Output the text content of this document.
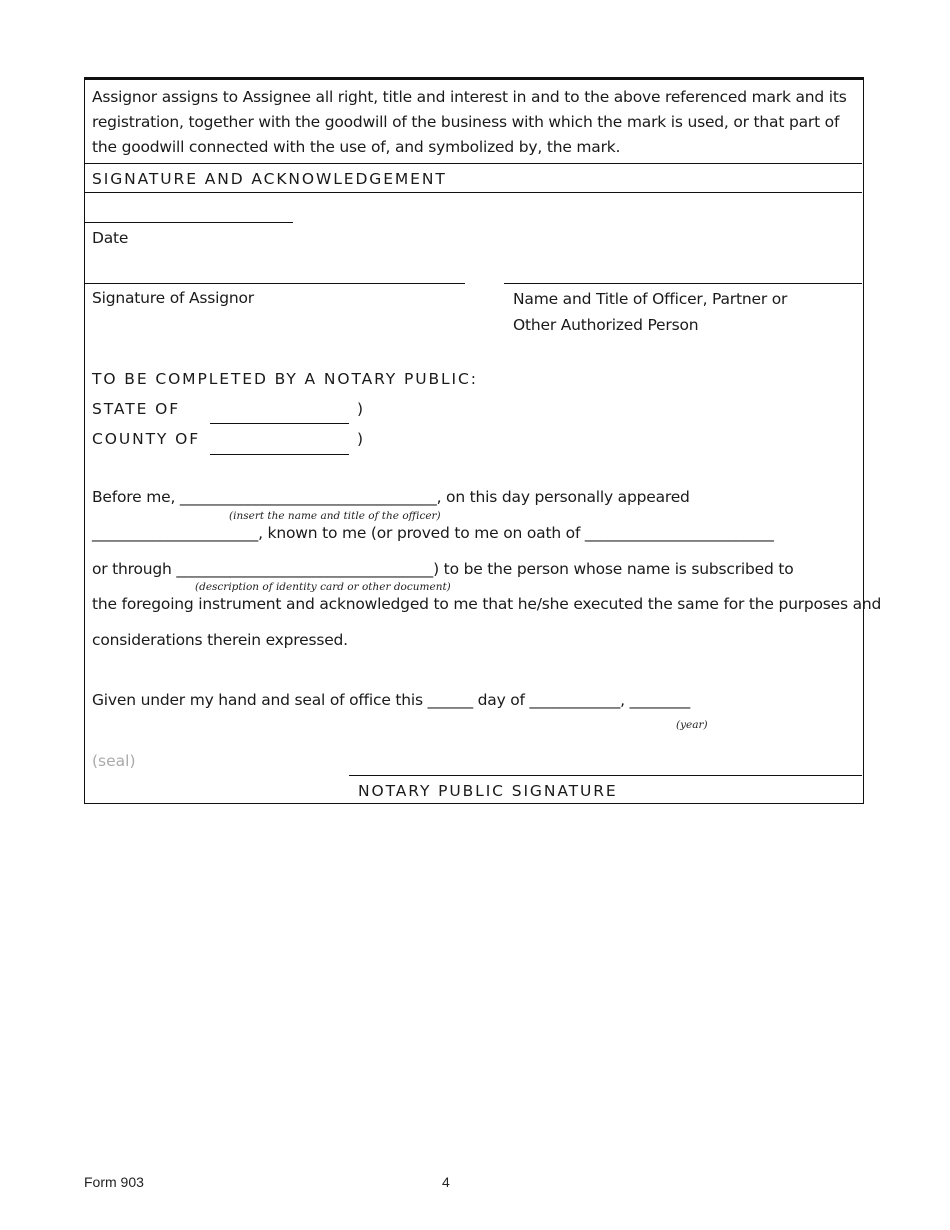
Assignor assigns to Assignee all right, title and interest in and to the above referenced mark and its registration, together with the goodwill of the business with which the mark is used, or that part of the goodwill connected with the use of, and symbolized by, the mark.
SIGNATURE AND ACKNOWLEDGEMENT
Date
Signature of Assignor	Name and Title of Officer, Partner or
Other Authorized Person
TO BE COMPLETED BY A NOTARY PUBLIC:
STATE OF	)
COUNTY OF	)
Before me, __________________________________, on this day personally appeared
(insert the name and title of the officer)
______________________, known to me (or proved to me on oath of _________________________
or through __________________________________) to be the person whose name is subscribed to
(description of identity card or other document)
the foregoing instrument and acknowledged to me that he/she executed the same for the purposes and
considerations therein expressed.
Given under my hand and seal of office this ______ day of ____________, ________
(year)
(seal)
NOTARY PUBLIC SIGNATURE
Form 903	4
